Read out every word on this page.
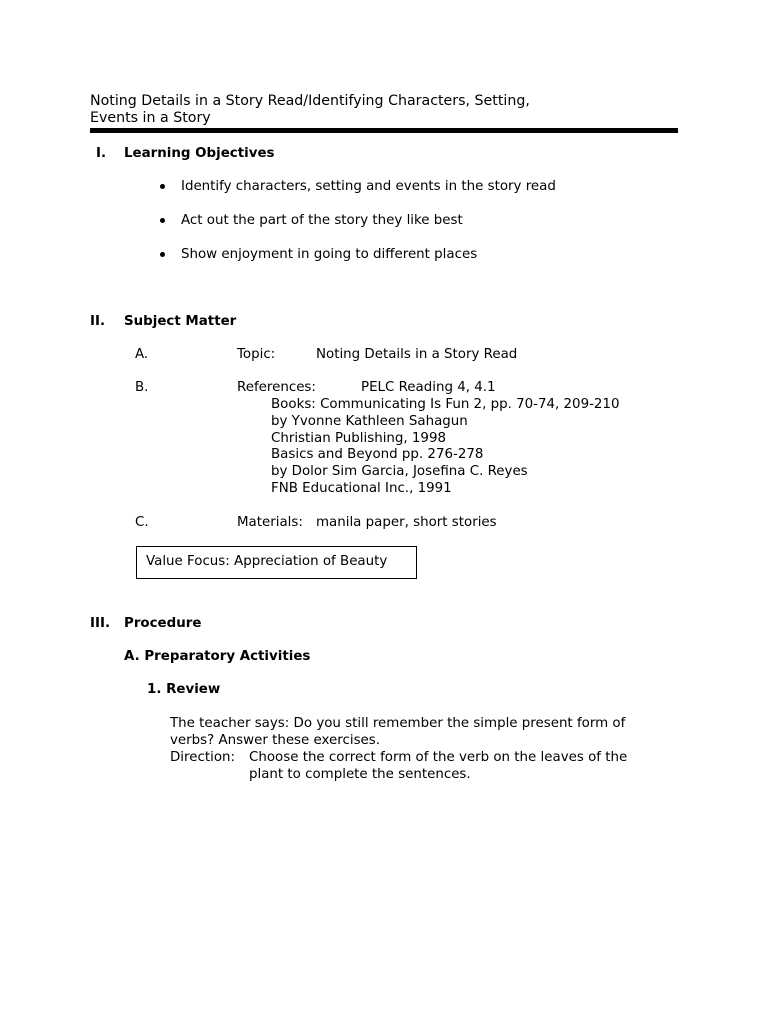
Noting Details in a Story Read/Identifying Characters, Setting,
Events in a Story
I. Learning Objectives
Identify characters, setting and events in the story read
Act out the part of the story they like best
Show enjoyment in going to different places
II. Subject Matter
A.	Topic:	Noting Details in a Story Read
B.	References:	PELC Reading 4, 4.1
Books: Communicating Is Fun 2, pp. 70-74, 209-210
by Yvonne Kathleen Sahagun
Christian Publishing, 1998
Basics and Beyond pp. 276-278
by Dolor Sim Garcia, Josefina C. Reyes
FNB Educational Inc., 1991
C.	Materials: manila paper, short stories
Value Focus: Appreciation of Beauty
III. Procedure
A. Preparatory Activities
1. Review
The teacher says: Do you still remember the simple present form of
verbs? Answer these exercises.
Direction: Choose the correct form of the verb on the leaves of the
plant to complete the sentences.
